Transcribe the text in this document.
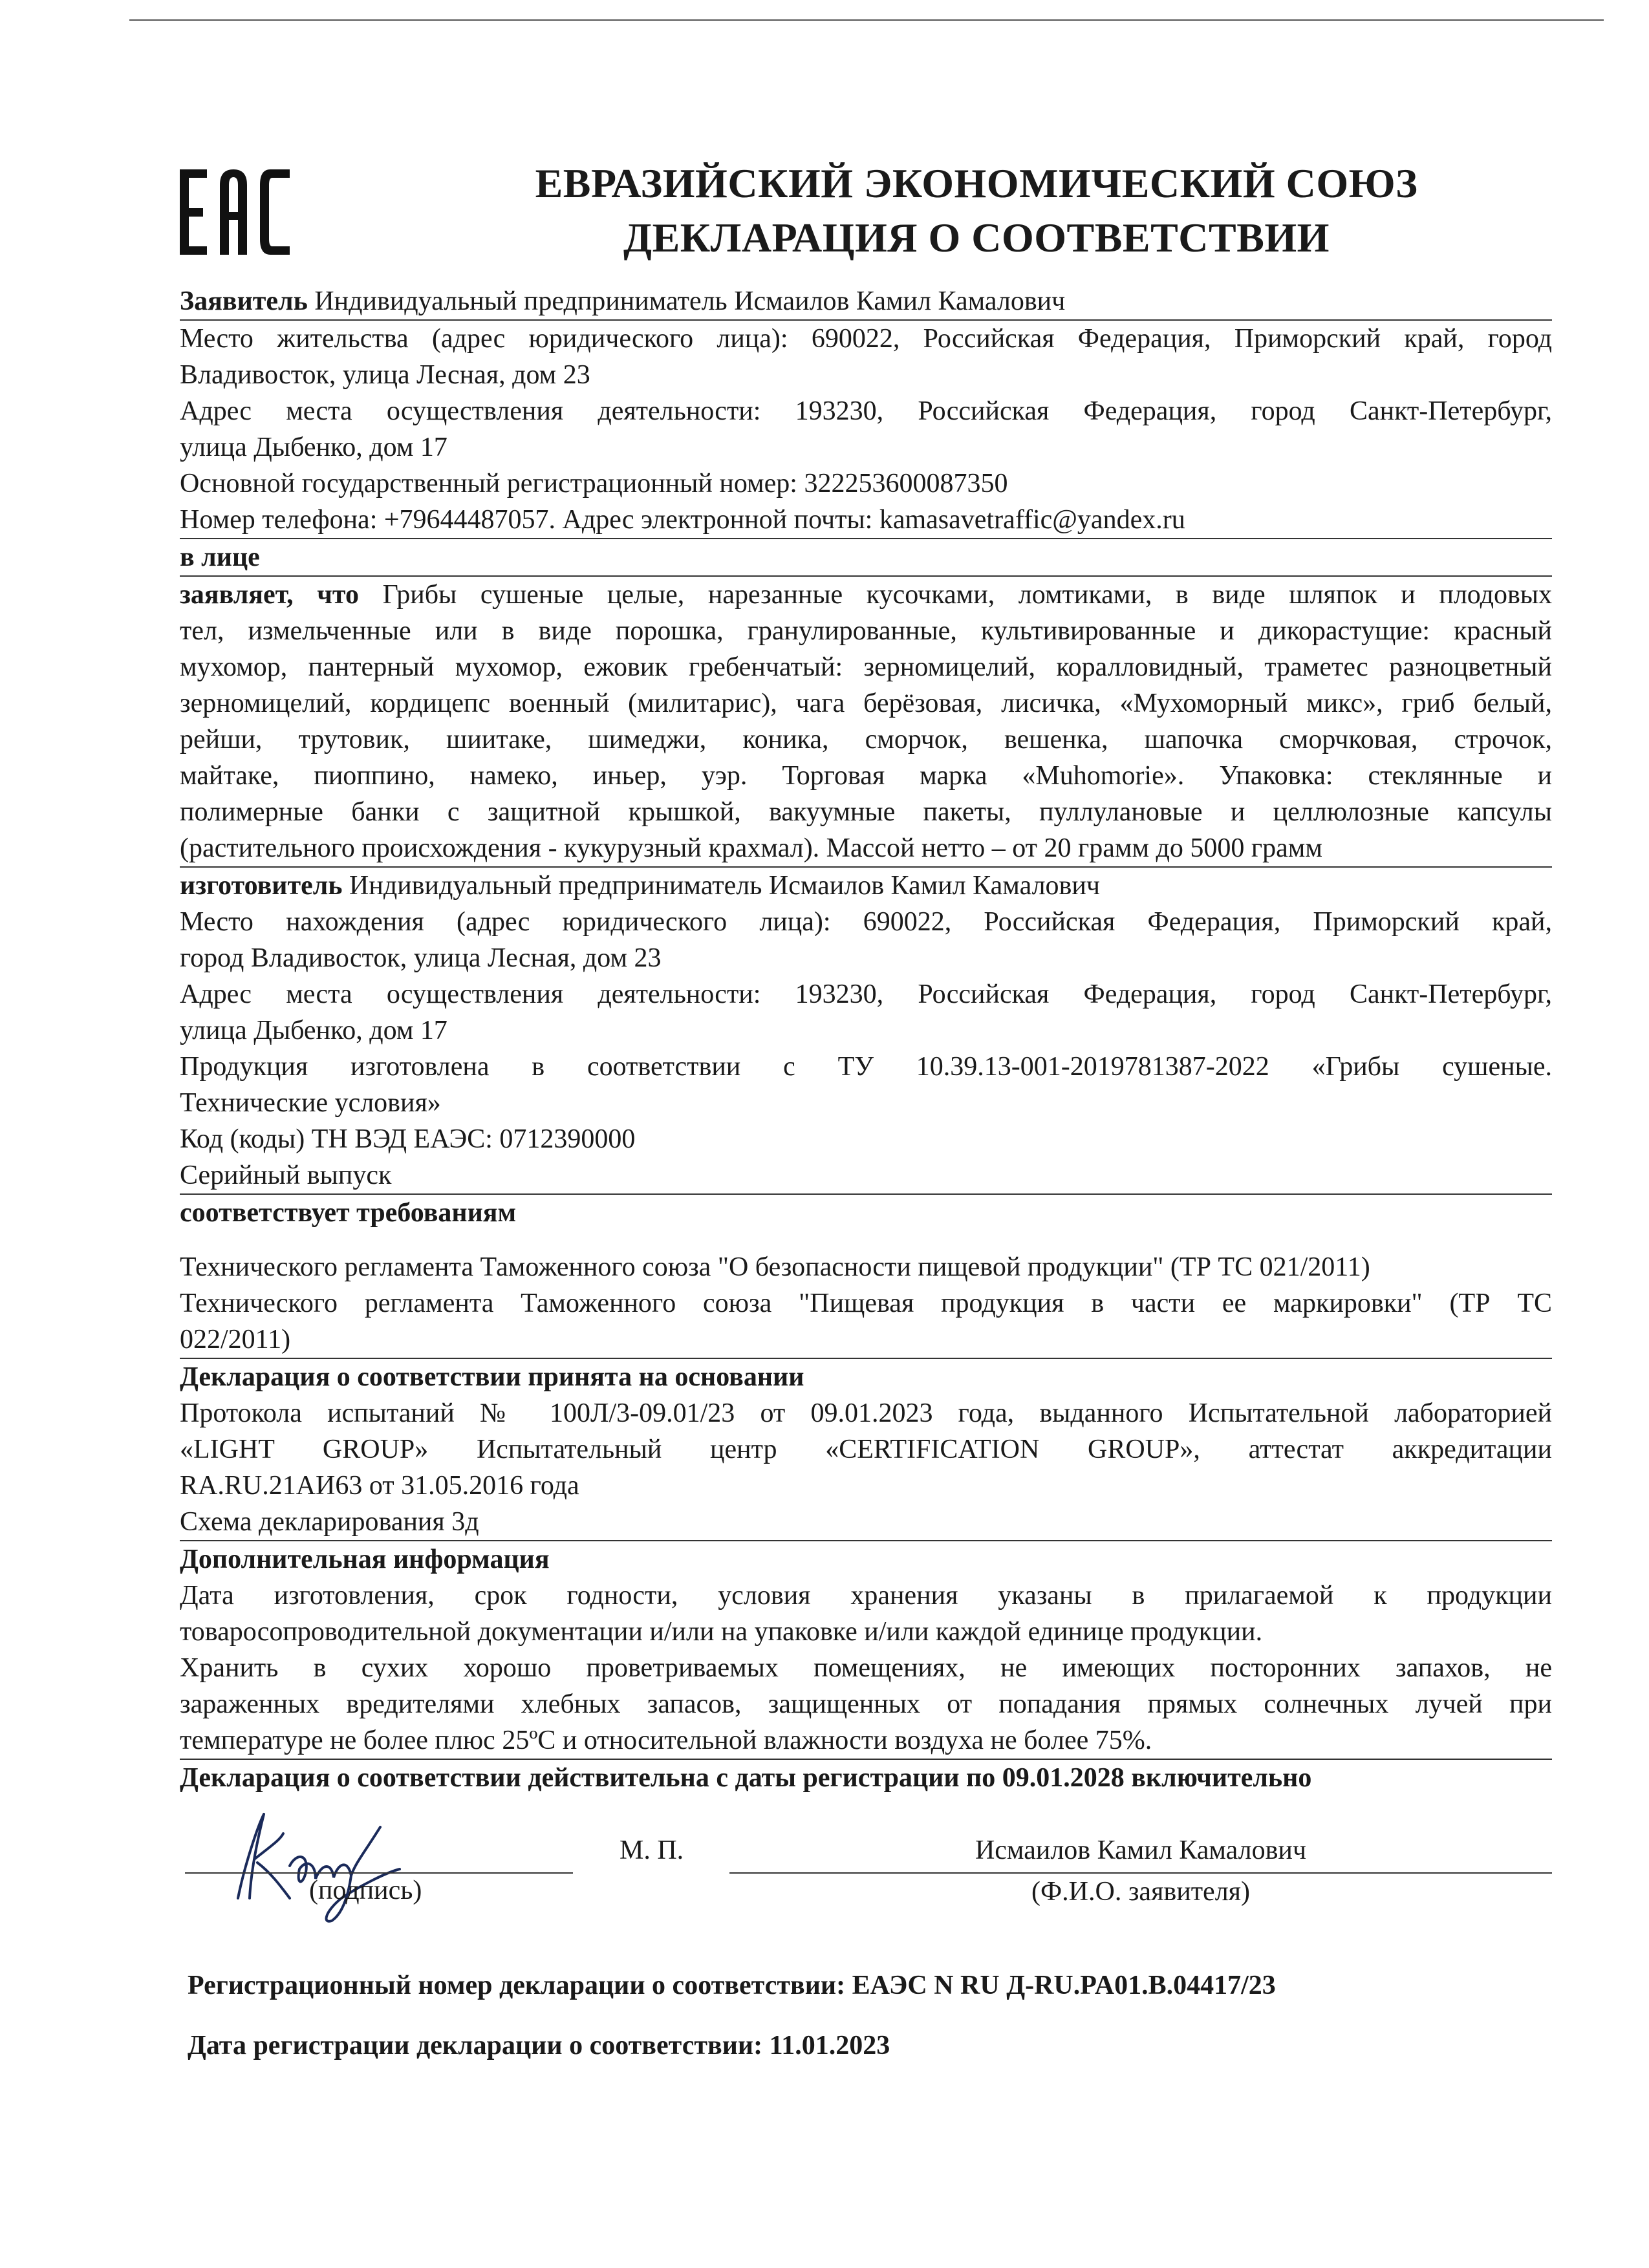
ЕВРАЗИЙСКИЙ ЭКОНОМИЧЕСКИЙ СОЮЗ
ДЕКЛАРАЦИЯ О СООТВЕТСТВИИ
Заявитель Индивидуальный предприниматель Исмаилов Камил Камалович
Место жительства (адрес юридического лица): 690022, Российская Федерация, Приморский край, город
Владивосток, улица Лесная, дом 23
Адрес места осуществления деятельности: 193230, Российская Федерация, город Санкт-Петербург,
улица Дыбенко, дом 17
Основной государственный регистрационный номер: 322253600087350
Номер телефона: +79644487057. Адрес электронной почты: kamasavetraffic@yandex.ru
в лице
заявляет, что Грибы сушеные целые, нарезанные кусочками, ломтиками, в виде шляпок и плодовых
тел, измельченные или в виде порошка, гранулированные, культивированные и дикорастущие: красный
мухомор, пантерный мухомор, ежовик гребенчатый: зерномицелий, коралловидный, траметес разноцветный
зерномицелий, кордицепс военный (милитарис), чага берёзовая, лисичка, «Мухоморный микс», гриб белый,
рейши, трутовик, шиитаке, шимеджи, коника, сморчок, вешенка, шапочка сморчковая, строчок,
майтаке, пиоппино, намеко, иньер, уэр. Торговая марка «Muhomorie». Упаковка: стеклянные и
полимерные банки с защитной крышкой, вакуумные пакеты, пуллулановые и целлюлозные капсулы
(растительного происхождения - кукурузный крахмал). Массой нетто – от 20 грамм до 5000 грамм
изготовитель Индивидуальный предприниматель Исмаилов Камил Камалович
Место нахождения (адрес юридического лица): 690022, Российская Федерация, Приморский край,
город Владивосток, улица Лесная, дом 23
Адрес места осуществления деятельности: 193230, Российская Федерация, город Санкт-Петербург,
улица Дыбенко, дом 17
Продукция изготовлена в соответствии с ТУ 10.39.13-001-2019781387-2022 «Грибы сушеные.
Технические условия»
Код (коды) ТН ВЭД ЕАЭС: 0712390000
Серийный выпуск
соответствует требованиям
Технического регламента Таможенного союза "О безопасности пищевой продукции" (ТР ТС 021/2011)
Технического регламента Таможенного союза "Пищевая продукция в части ее маркировки" (ТР ТС
022/2011)
Декларация о соответствии принята на основании
Протокола испытаний № 100Л/3-09.01/23 от 09.01.2023 года, выданного Испытательной лабораторией
«LIGHT GROUP» Испытательный центр «CERTIFICATION GROUP», аттестат аккредитации
RA.RU.21АИ63 от 31.05.2016 года
Схема декларирования 3д
Дополнительная информация
Дата изготовления, срок годности, условия хранения указаны в прилагаемой к продукции
товаросопроводительной документации и/или на упаковке и/или каждой единице продукции.
Хранить в сухих хорошо проветриваемых помещениях, не имеющих посторонних запахов, не
зараженных вредителями хлебных запасов, защищенных от попадания прямых солнечных лучей при
температуре не более плюс 25ºС и относительной влажности воздуха не более 75%.
Декларация о соответствии действительна с даты регистрации по 09.01.2028 включительно
(подпись)
М. П.	Исмаилов Камил Камалович
(Ф.И.О. заявителя)
Регистрационный номер декларации о соответствии: ЕАЭС N RU Д-RU.PA01.B.04417/23
Дата регистрации декларации о соответствии: 11.01.2023
